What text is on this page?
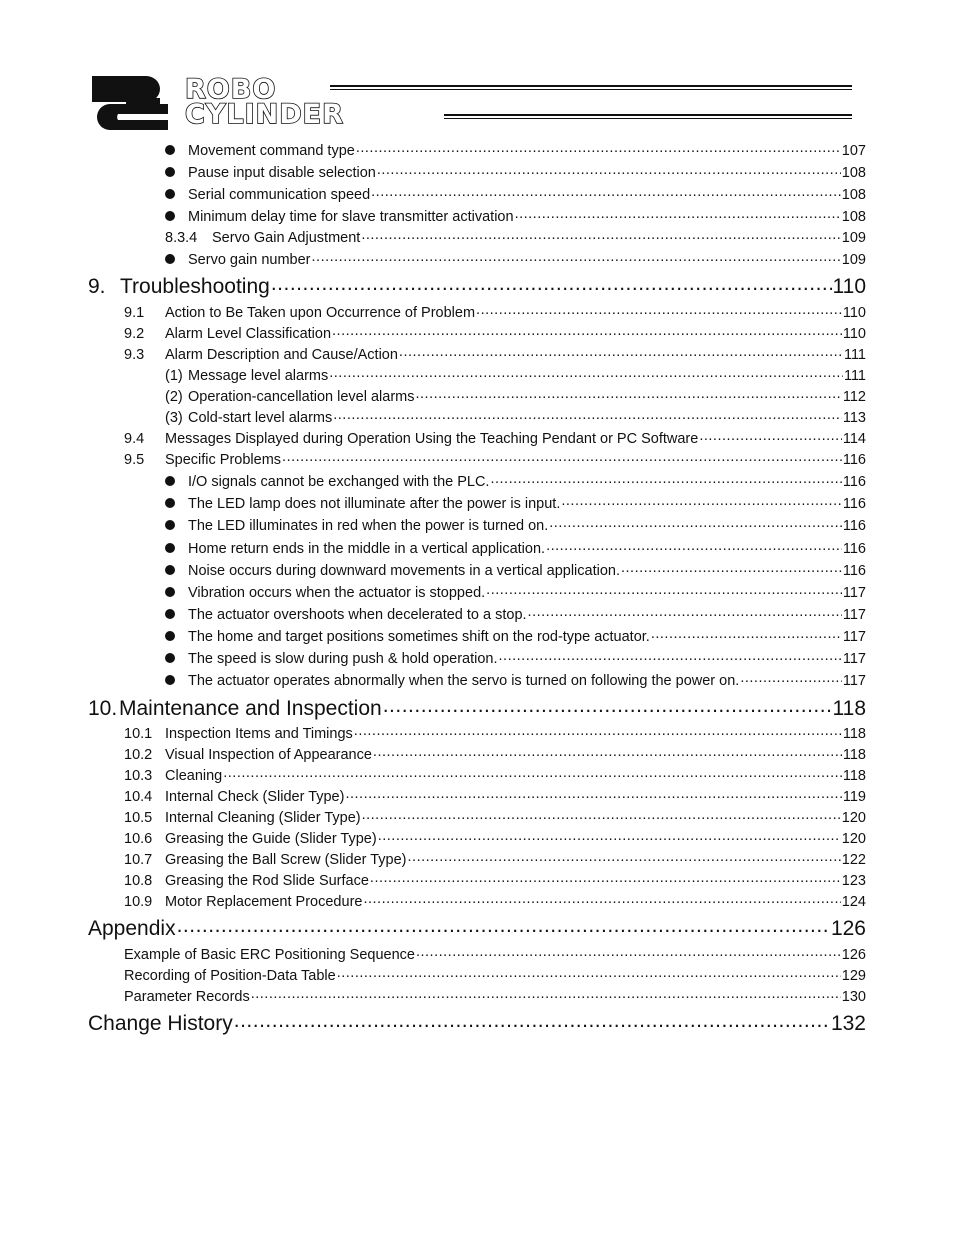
ROBO
CYLINDER
Movement command type .....	107
Pause input disable selection .....	108
Serial communication speed .....	108
Minimum delay time for slave transmitter activation .....	108
8.3.4	Servo Gain Adjustment .....	109
Servo gain number .....	109
9. Troubleshooting .....	110
9.1	Action to Be Taken upon Occurrence of Problem .....	110
9.2	Alarm Level Classification .....	110
9.3	Alarm Description and Cause/Action .....	111
(1) Message level alarms .....	111
(2) Operation-cancellation level alarms .....	112
(3) Cold-start level alarms .....	113
9.4	Messages Displayed during Operation Using the Teaching Pendant or PC Software .....	114
9.5	Specific Problems .....	116
I/O signals cannot be exchanged with the PLC. .....	116
The LED lamp does not illuminate after the power is input. .....	116
The LED illuminates in red when the power is turned on. .....	116
Home return ends in the middle in a vertical application. .....	116
Noise occurs during downward movements in a vertical application. .....	116
Vibration occurs when the actuator is stopped. .....	117
The actuator overshoots when decelerated to a stop. .....	117
The home and target positions sometimes shift on the rod-type actuator. .....	117
The speed is slow during push & hold operation. .....	117
The actuator operates abnormally when the servo is turned on following the power on. .....	117
10. Maintenance and Inspection .....	118
10.1 Inspection Items and Timings .....	118
10.2 Visual Inspection of Appearance .....	118
10.3 Cleaning .....	118
10.4 Internal Check (Slider Type) .....	119
10.5 Internal Cleaning (Slider Type) .....	120
10.6 Greasing the Guide (Slider Type) .....	120
10.7 Greasing the Ball Screw (Slider Type) .....	122
10.8 Greasing the Rod Slide Surface .....	123
10.9 Motor Replacement Procedure .....	124
Appendix .....	126
Example of Basic ERC Positioning Sequence .....	126
Recording of Position-Data Table .....	129
Parameter Records .....	130
Change History .....	132
